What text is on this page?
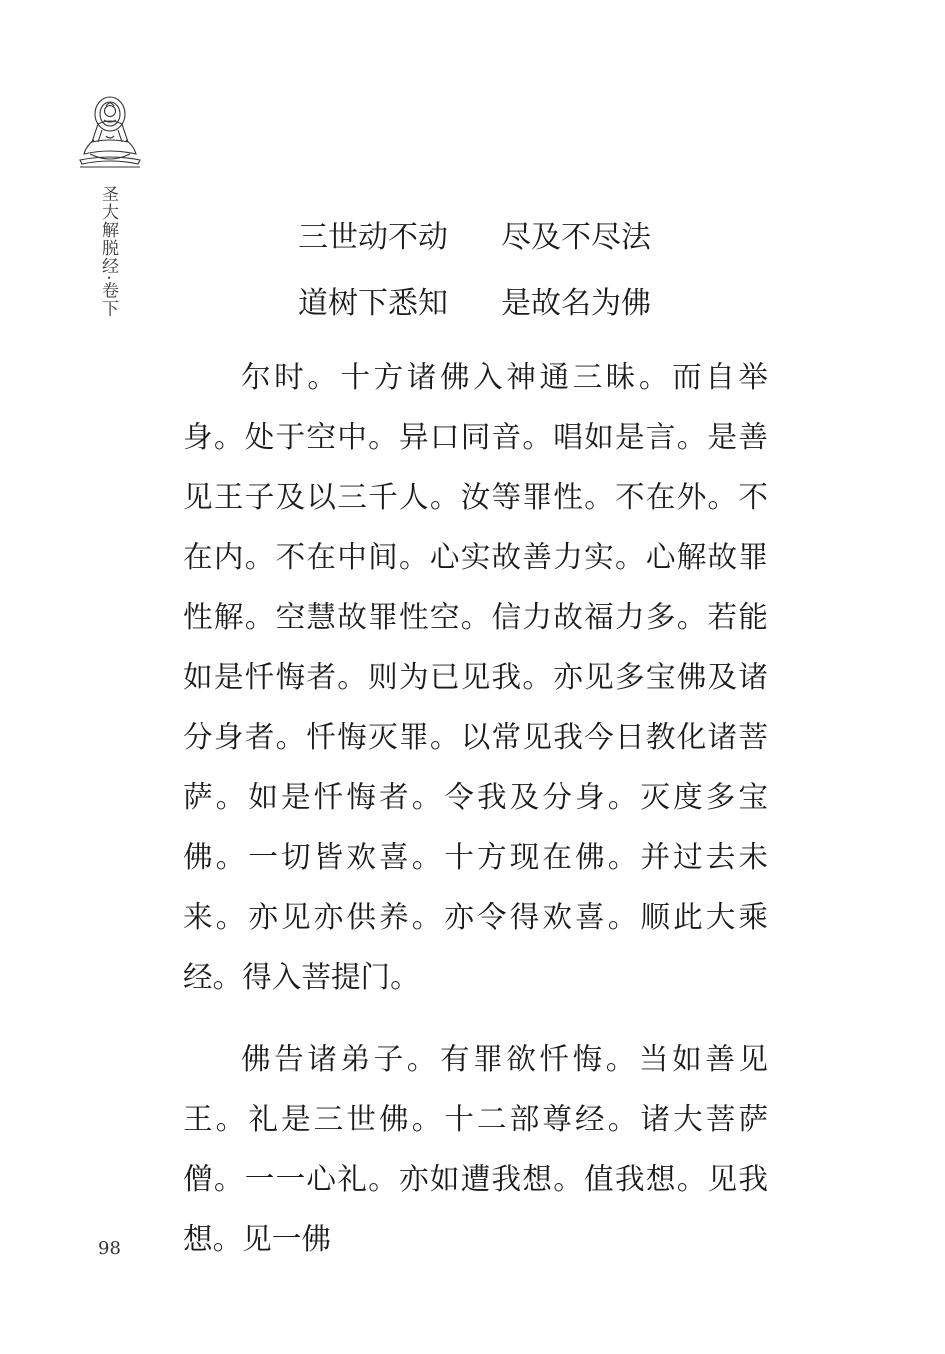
圣大解脱经·卷下	三世动不动 尽及不尽法
道树下悉知 是故名为佛

尔时。十方诸佛入神通三昧。而自举身。处于空中。异口同音。唱如是言。是善见王子及以三千人。汝等罪性。不在外。不在内。不在中间。心实故善力实。心解故罪性解。空慧故罪性空。信力故福力多。若能如是忏悔者。则为已见我。亦见多宝佛及诸分身者。忏悔灭罪。以常见我今日教化诸菩萨。如是忏悔者。令我及分身。灭度多宝佛。一切皆欢喜。十方现在佛。并过去未来。亦见亦供养。亦令得欢喜。顺此大乘经。得入菩提门。

佛告诸弟子。有罪欲忏悔。当如善见王。礼是三世佛。十二部尊经。诸大菩萨僧。一一心礼。亦如遭我想。值我想。见我想。见一佛

98
